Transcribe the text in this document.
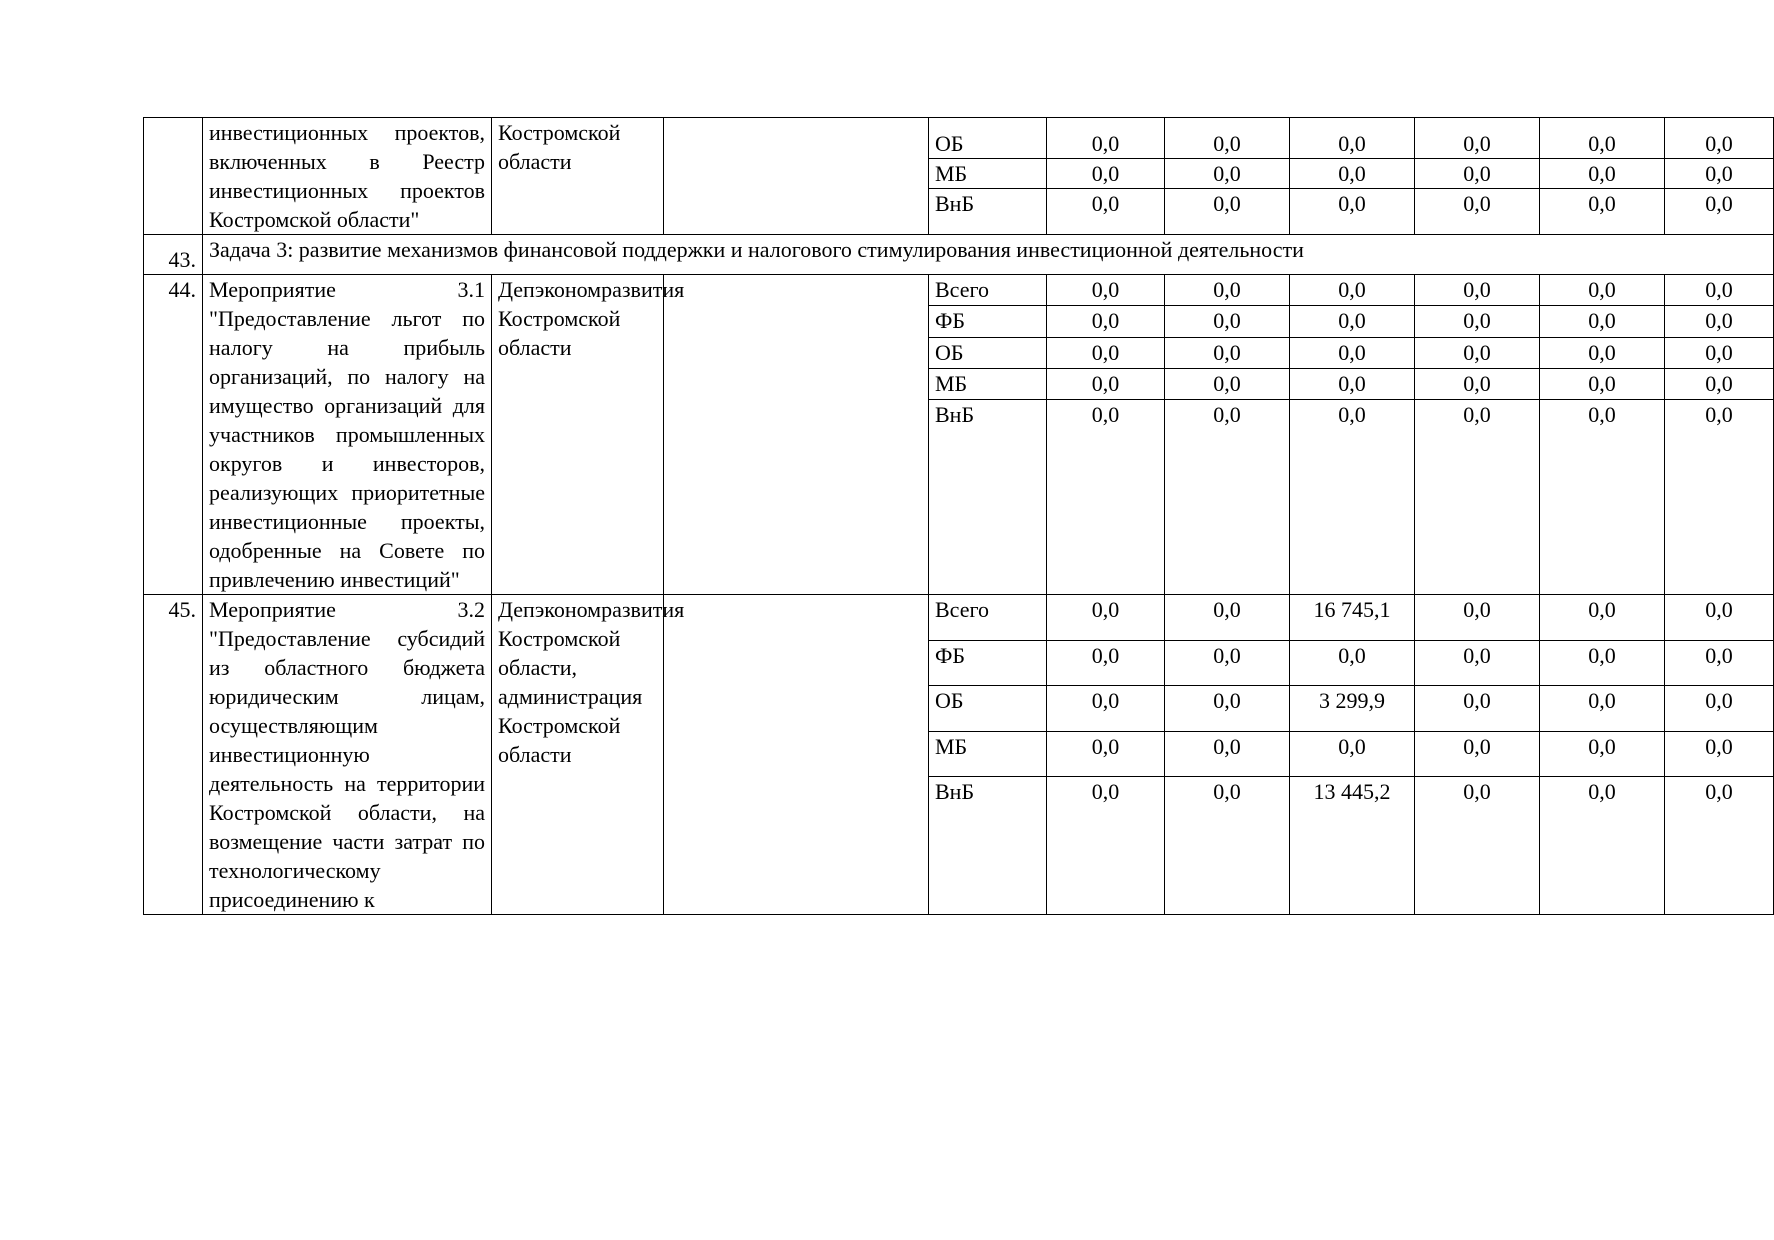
	инвестиционных проектов, включенных в Реестр инвестиционных проектов Костромской области"	Костромской области		ОБ	0,0	0,0	0,0	0,0	0,0	0,0
				МБ	0,0	0,0	0,0	0,0	0,0	0,0
				ВнБ	0,0	0,0	0,0	0,0	0,0	0,0
43.	Задача 3: развитие механизмов финансовой поддержки и налогового стимулирования инвестиционной деятельности									
44.	Мероприятие 3.1 "Предоставление льгот по налогу на прибыль организаций, по налогу на имущество организаций для участников промышленных округов и инвесторов, реализующих приоритетные инвестиционные проекты, одобренные на Совете по привлечению инвестиций"	Депэкономразвития Костромской области		Всего	0,0	0,0	0,0	0,0	0,0	0,0
				ФБ	0,0	0,0	0,0	0,0	0,0	0,0
				ОБ	0,0	0,0	0,0	0,0	0,0	0,0
				МБ	0,0	0,0	0,0	0,0	0,0	0,0
				ВнБ	0,0	0,0	0,0	0,0	0,0	0,0
45.	Мероприятие 3.2 "Предоставление субсидий из областного бюджета юридическим лицам, осуществляющим инвестиционную деятельность на территории Костромской области, на возмещение части затрат по технологическому присоединению к	Депэкономразвития Костромской области, администрация Костромской области		Всего	0,0	0,0	16 745,1	0,0	0,0	0,0
				ФБ	0,0	0,0	0,0	0,0	0,0	0,0
				ОБ	0,0	0,0	3 299,9	0,0	0,0	0,0
				МБ	0,0	0,0	0,0	0,0	0,0	0,0
				ВнБ	0,0	0,0	13 445,2	0,0	0,0	0,0
